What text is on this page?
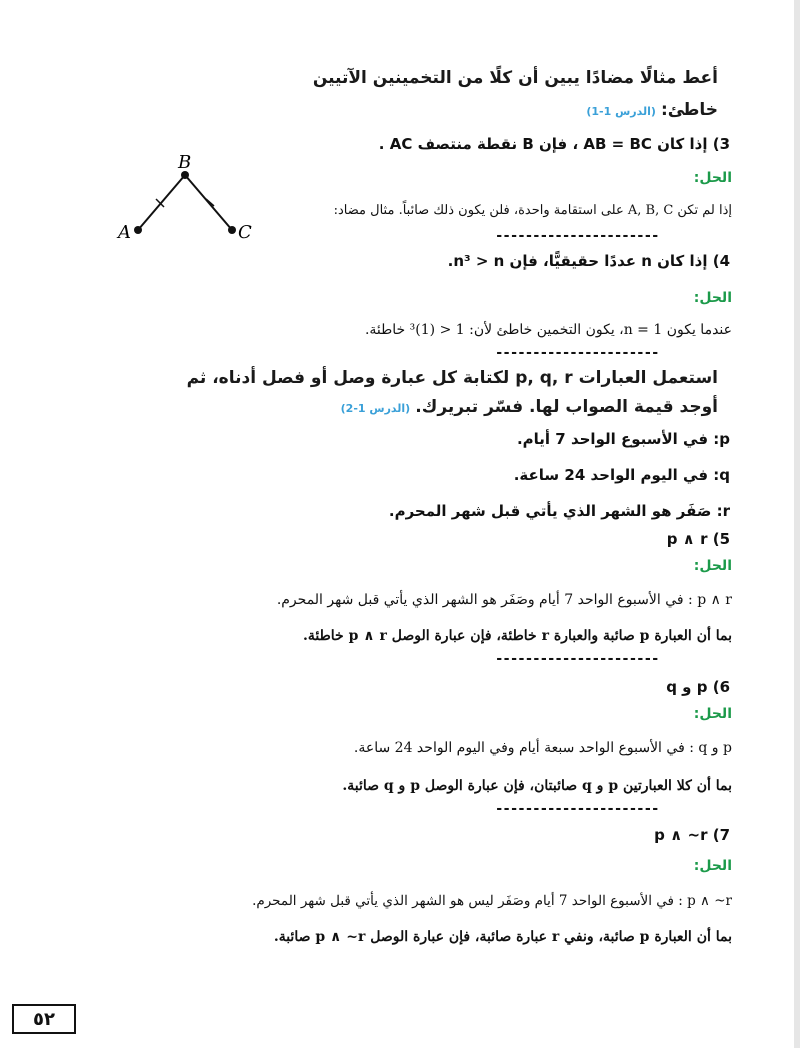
أعط مثالًا مضادًا يبين أن كلًا من التخمينين الآتيين
خاطئ: (الدرس 1-1)
3) إذا كان AB = BC ، فإن B نقطة منتصف AC .
الحل:
إذا لم تكن A, B, C على استقامة واحدة، فلن يكون ذلك صائباً. مثال مضاد:
----------------------
B
A	C
4) إذا كان n عددًا حقيقيًّا، فإن n³ > n.
الحل:
عندما يكون n = 1، يكون التخمين خاطئ لأن: 1 < (1)³ خاطئة.
----------------------
استعمل العبارات p, q, r لكتابة كل عبارة وصل أو فصل أدناه، ثم
أوجد قيمة الصواب لها. فسّر تبريرك. (الدرس 1-2)
p: في الأسبوع الواحد 7 أيام.
q: في اليوم الواحد 24 ساعة.
r: صَفَر هو الشهر الذي يأتي قبل شهر المحرم.
5) p ∧ r
الحل:
p ∧ r : في الأسبوع الواحد 7 أيام وصَفَر هو الشهر الذي يأتي قبل شهر المحرم.
بما أن العبارة p صائبة والعبارة r خاطئة، فإن عبارة الوصل p ∧ r خاطئة.
----------------------
6) p و q
الحل:
p و q : في الأسبوع الواحد سبعة أيام وفي اليوم الواحد 24 ساعة.
بما أن كلا العبارتين p و q صائبتان، فإن عبارة الوصل p و q صائبة.
----------------------
7) p ∧ ~r
الحل:
p ∧ ~r : في الأسبوع الواحد 7 أيام وصَفَر ليس هو الشهر الذي يأتي قبل شهر المحرم.
بما أن العبارة p صائبة، ونفي r عبارة صائبة، فإن عبارة الوصل p ∧ ~r صائبة.
٥٢
